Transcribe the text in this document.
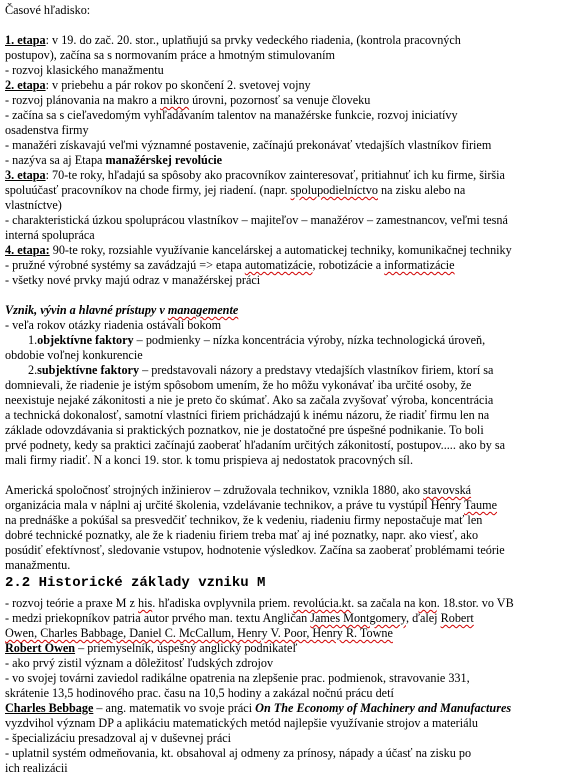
Časové hľadisko:
1. etapa: v 19. do zač. 20. stor., uplatňujú sa prvky vedeckého riadenia, (kontrola pracovných
postupov), začína sa s normovaním práce a hmotným stimulovaním
- rozvoj klasického manažmentu
2. etapa: v priebehu a pár rokov po skončení 2. svetovej vojny
- rozvoj plánovania na makro a mikro úrovni, pozornosť sa venuje človeku
- začína sa s cieľavedomým vyhľadávaním talentov na manažérske funkcie, rozvoj iniciatívy
osadenstva firmy
- manažéri získavajú veľmi významné postavenie, začínajú prekonávať vtedajších vlastníkov firiem
- nazýva sa aj Etapa manažérskej revolúcie
3. etapa: 70-te roky, hľadajú sa spôsoby ako pracovníkov zainteresovať, pritiahnuť ich ku firme, širšia
spoluúčasť pracovníkov na chode firmy, jej riadení. (napr. spolupodielníctvo na zisku alebo na
vlastníctve)
- charakteristická úzkou spoluprácou vlastníkov – majiteľov – manažérov – zamestnancov, veľmi tesná
interná spolupráca
4. etapa: 90-te roky, rozsiahle využívanie kancelárskej a automatickej techniky, komunikačnej techniky
- pružné výrobné systémy sa zavádzajú => etapa automatizácie, robotizácie a informatizácie
- všetky nové prvky majú odraz v manažérskej práci
Vznik, vývin a hlavné prístupy v managemente
- veľa rokov otázky riadenia ostávali bokom
1.objektívne faktory – podmienky – nízka koncentrácia výroby, nízka technologická úroveň,
obdobie voľnej konkurencie
2.subjektívne faktory – predstavovali názory a predstavy vtedajších vlastníkov firiem, ktorí sa
domnievali, že riadenie je istým spôsobom umením, že ho môžu vykonávať iba určité osoby, že
neexistuje nejaké zákonitosti a nie je preto čo skúmať. Ako sa začala zvyšovať výroba, koncentrácia
a technická dokonalosť, samotní vlastníci firiem prichádzajú k inému názoru, že riadiť firmu len na
základe odovzdávania si praktických poznatkov, nie je dostatočné pre úspešné podnikanie. To boli
prvé podnety, kedy sa praktici začínajú zaoberať hľadaním určitých zákonitostí, postupov..... ako by sa
mali firmy riadiť. N a konci 19. stor. k tomu prispieva aj nedostatok pracovných síl.
Americká spoločnosť strojných inžinierov – združovala technikov, vznikla 1880, ako stavovská
organizácia mala v náplni aj určité školenia, vzdelávanie technikov, a práve tu vystúpil Henry Taume
na prednáške a pokúšal sa presvedčiť technikov, že k vedeniu, riadeniu firmy nepostačuje mať len
dobré technické poznatky, ale že k riadeniu firiem treba mať aj iné poznatky, napr. ako viesť, ako
posúdiť efektívnosť, sledovanie vstupov, hodnotenie výsledkov. Začína sa zaoberať problémami teórie
manažmentu.
2.2 Historické základy vzniku M
- rozvoj teórie a praxe M z his. hľadiska ovplyvnila priem. revolúcia.kt. sa začala na kon. 18.stor. vo VB
- medzi priekopníkov patria autor prvého man. textu Angličan James Montgomery, ďalej Robert
Owen, Charles Babbage, Daniel C. McCallum, Henry V. Poor, Henry R. Towne
Robert Owen – priemyselník, úspešný anglický podnikateľ
- ako prvý zistil význam a dôležitosť ľudských zdrojov
- vo svojej továrni zaviedol radikálne opatrenia na zlepšenie prac. podmienok, stravovanie 331,
skrátenie 13,5 hodinového prac. času na 10,5 hodiny a zakázal nočnú prácu detí
Charles Bebbage – ang. matematik vo svoje práci On The Economy of Machinery and Manufactures
vyzdvihol význam DP a aplikáciu matematických metód najlepšie využívanie strojov a materiálu
- špecializáciu presadzoval aj v duševnej práci
- uplatnil systém odmeňovania, kt. obsahoval aj odmeny za prínosy, nápady a účasť na zisku po
ich realizácii
